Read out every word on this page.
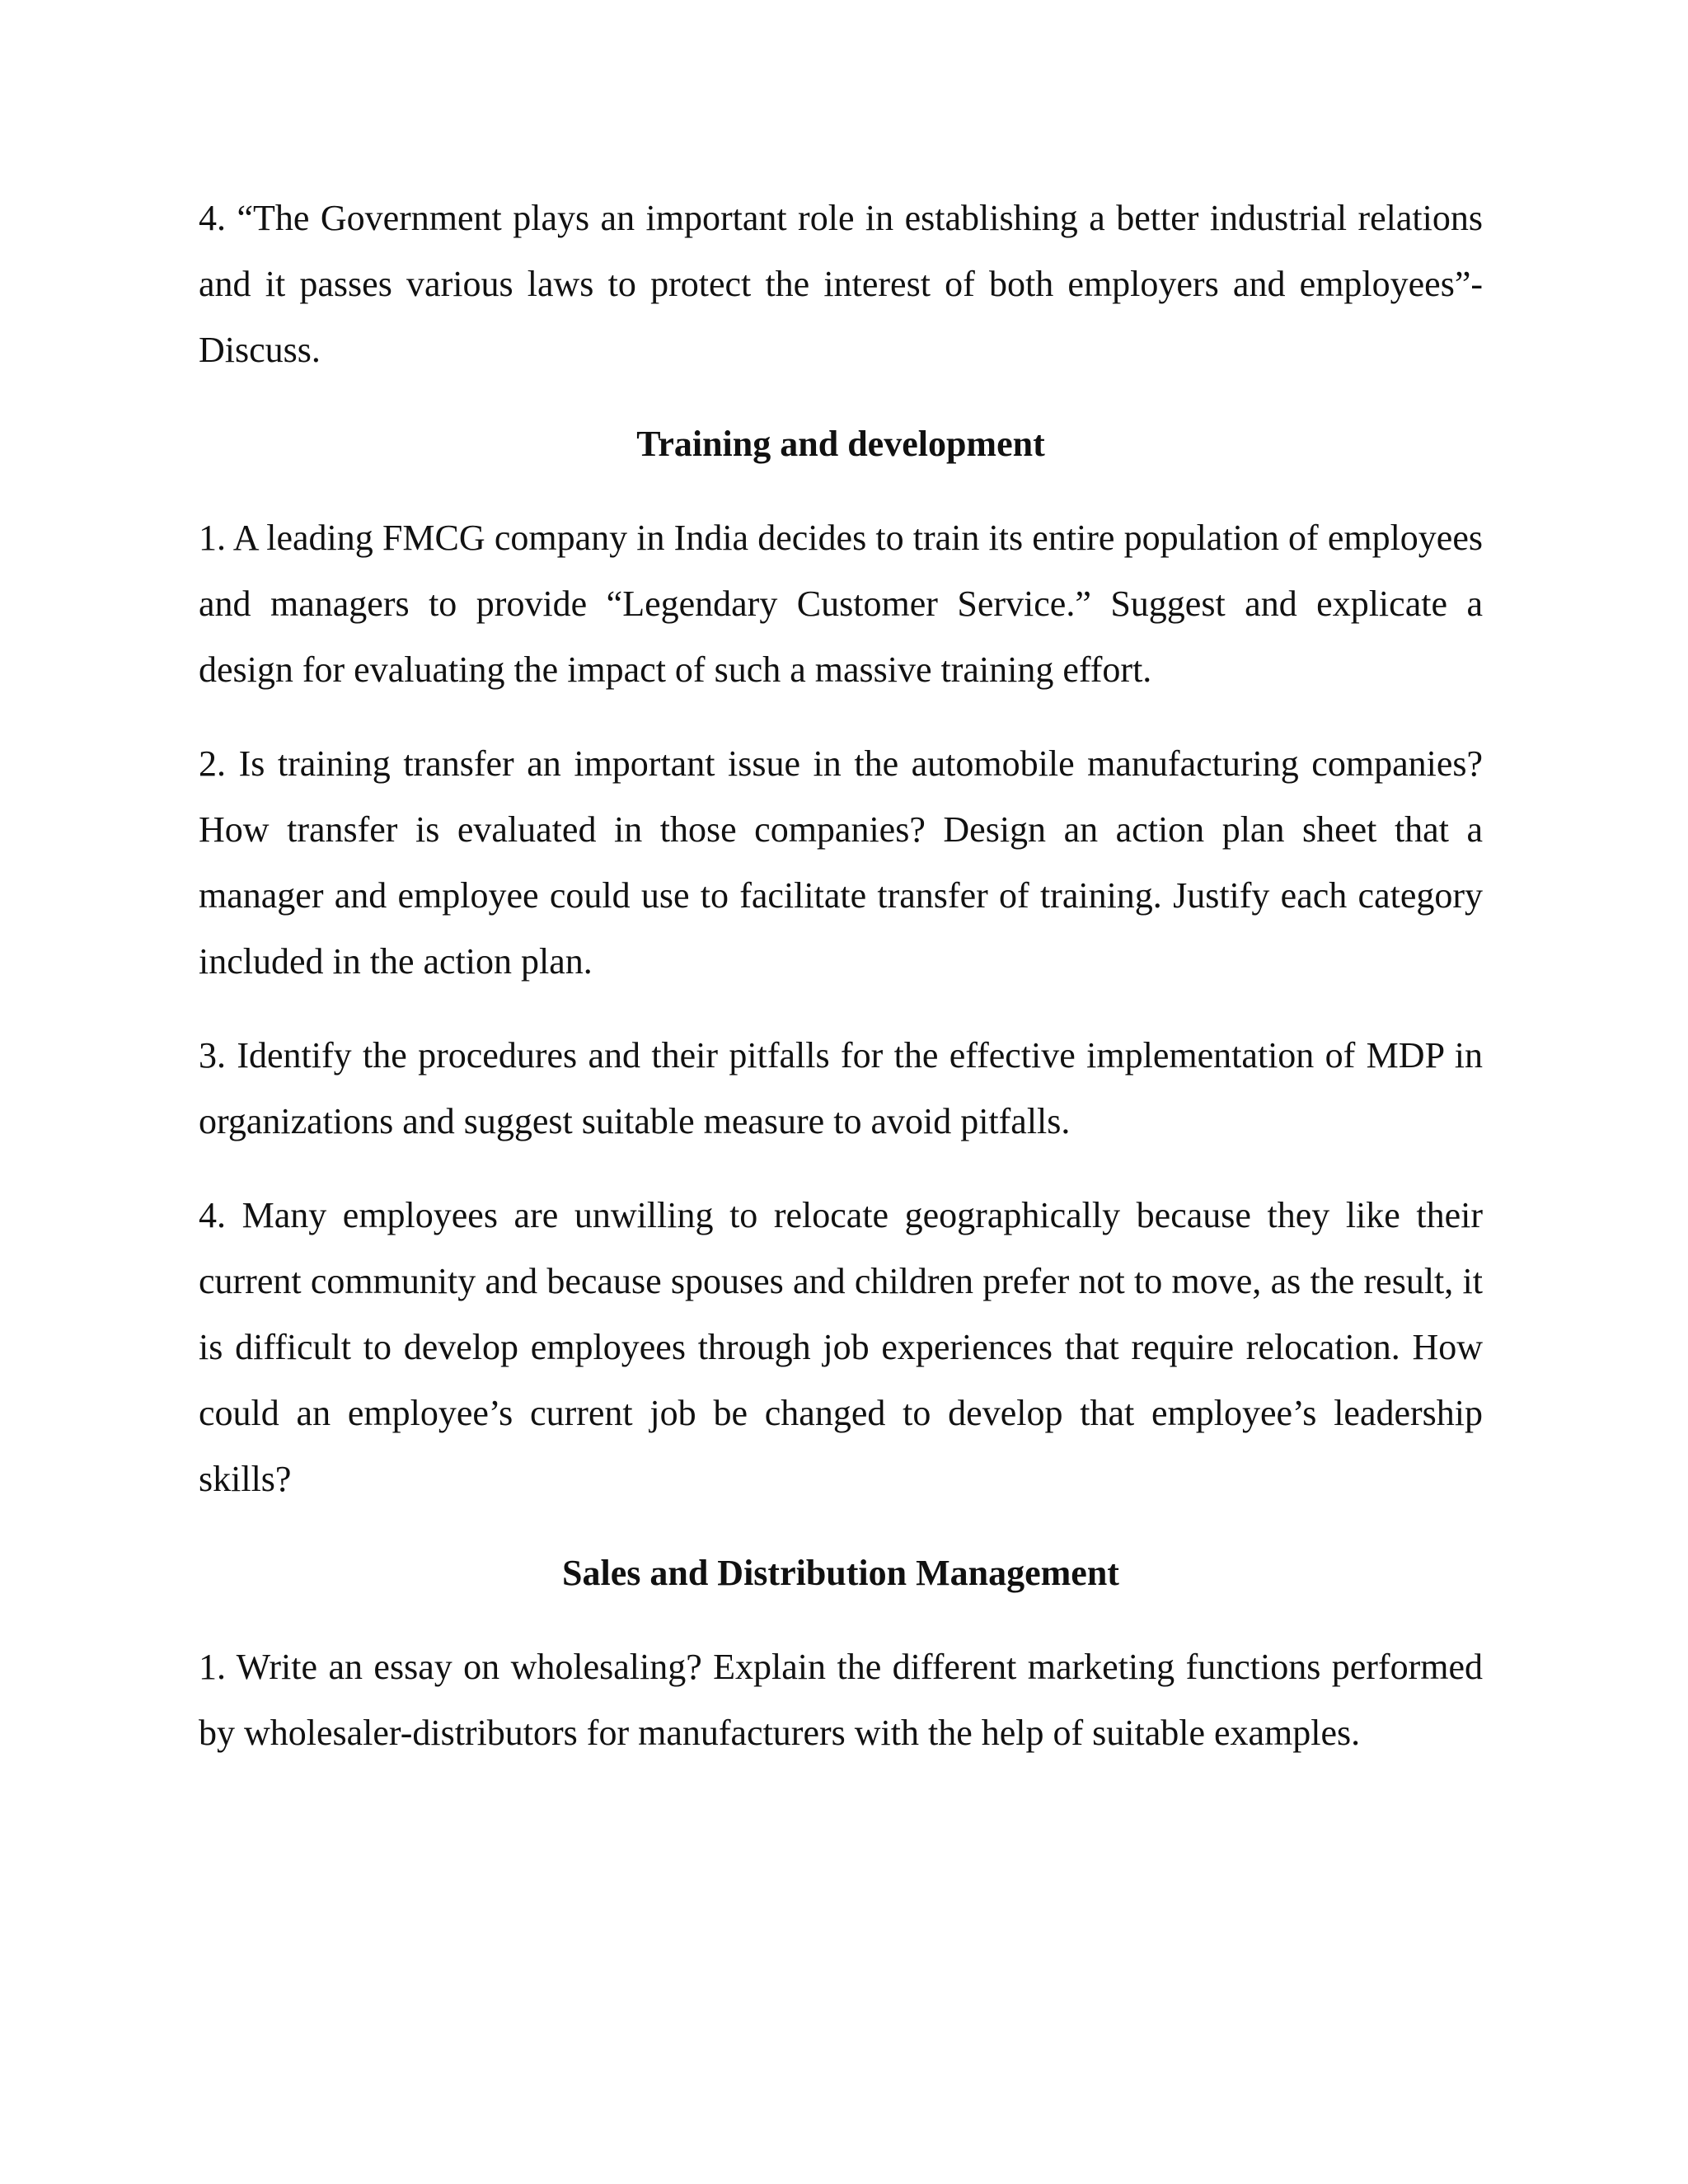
4. “The Government plays an important role in establishing a better industrial relations and it passes various laws to protect the interest of both employers and employees”-Discuss.

Training and development

1. A leading FMCG company in India decides to train its entire population of employees and managers to provide “Legendary Customer Service.” Suggest and explicate a design for evaluating the impact of such a massive training effort.

2. Is training transfer an important issue in the automobile manufacturing companies? How transfer is evaluated in those companies? Design an action plan sheet that a manager and employee could use to facilitate transfer of training. Justify each category included in the action plan.

3. Identify the procedures and their pitfalls for the effective implementation of MDP in organizations and suggest suitable measure to avoid pitfalls.

4. Many employees are unwilling to relocate geographically because they like their current community and because spouses and children prefer not to move, as the result, it is difficult to develop employees through job experiences that require relocation. How could an employee’s current job be changed to develop that employee’s leadership skills?

Sales and Distribution Management

1. Write an essay on wholesaling? Explain the different marketing functions performed by wholesaler-distributors for manufacturers with the help of suitable examples.
